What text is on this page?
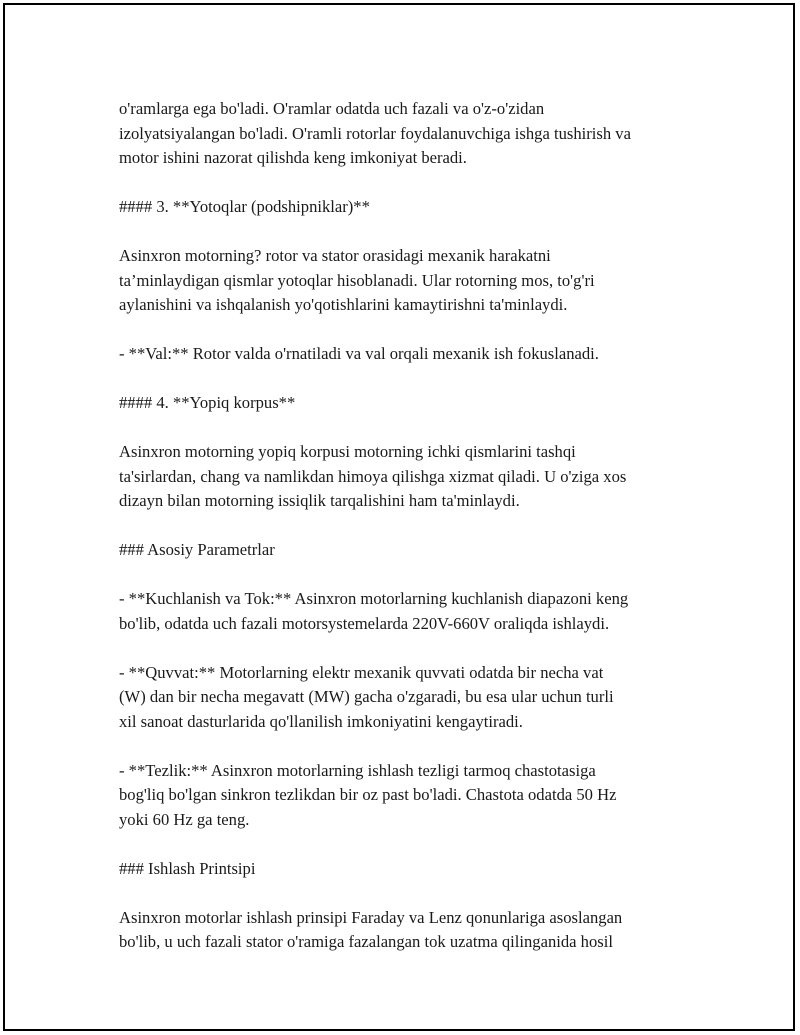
o'ramlarga ega bo'ladi. O'ramlar odatda uch fazali va o'z-o'zidan
izolyatsiyalangan bo'ladi. O'ramli rotorlar foydalanuvchiga ishga tushirish va
motor ishini nazorat qilishda keng imkoniyat beradi.

#### 3. **Yotoqlar (podshipniklar)**

Asinxron motorning? rotor va stator orasidagi mexanik harakatni
ta’minlaydigan qismlar yotoqlar hisoblanadi. Ular rotorning mos, to'g'ri
aylanishini va ishqalanish yo'qotishlarini kamaytirishni ta'minlaydi.

- **Val:** Rotor valda o'rnatiladi va val orqali mexanik ish fokuslanadi.

#### 4. **Yopiq korpus**

Asinxron motorning yopiq korpusi motorning ichki qismlarini tashqi
ta'sirlardan, chang va namlikdan himoya qilishga xizmat qiladi. U o'ziga xos
dizayn bilan motorning issiqlik tarqalishini ham ta'minlaydi.

### Asosiy Parametrlar

- **Kuchlanish va Tok:** Asinxron motorlarning kuchlanish diapazoni keng
bo'lib, odatda uch fazali motorsystemelarda 220V-660V oraliqda ishlaydi.

- **Quvvat:** Motorlarning elektr mexanik quvvati odatda bir necha vat
(W) dan bir necha megavatt (MW) gacha o'zgaradi, bu esa ular uchun turli
xil sanoat dasturlarida qo'llanilish imkoniyatini kengaytiradi.

- **Tezlik:** Asinxron motorlarning ishlash tezligi tarmoq chastotasiga
bog'liq bo'lgan sinkron tezlikdan bir oz past bo'ladi. Chastota odatda 50 Hz
yoki 60 Hz ga teng.

### Ishlash Printsipi

Asinxron motorlar ishlash prinsipi Faraday va Lenz qonunlariga asoslangan
bo'lib, u uch fazali stator o'ramiga fazalangan tok uzatma qilinganida hosil
